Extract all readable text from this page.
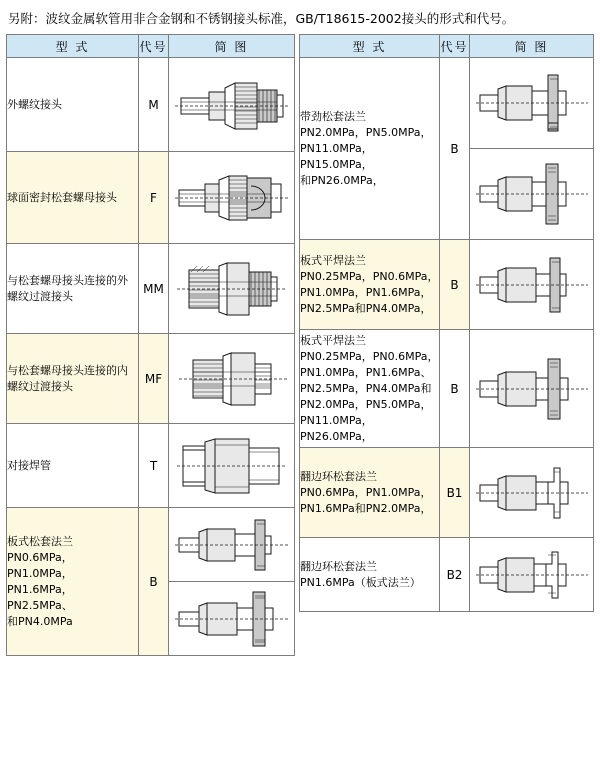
另附：波纹金属软管用非合金钢和不锈钢接头标准，GB/T18615-2002接头的形式和代号。
型 式	代号	简 图
外螺纹接头	M	

球面密封松套螺母接头	F	

与松套螺母接头连接的外螺纹过渡接头	MM	

与松套螺母接头连接的内螺纹过渡接头	MF	

对接焊管	T	

板式松套法兰
PN0.6MPa，PN1.0MPa，
PN1.6MPa，PN2.5MPa、
和PN4.0MPa	B	

型 式	代号	简 图
带劲松套法兰
PN2.0MPa，PN5.0MPa，
PN11.0MPa，PN15.0MPa，
和PN26.0MPa，	B	

板式平焊法兰
PN0.25MPa，PN0.6MPa，
PN1.0MPa，PN1.6MPa，
PN2.5MPa和PN4.0MPa，	B	

板式平焊法兰
PN0.25MPa，PN0.6MPa，
PN1.0MPa，PN1.6MPa、
PN2.5MPa，PN4.0MPa和
PN2.0MPa，PN5.0MPa，
PN11.0MPa，PN26.0MPa，	B	

翻边环松套法兰
PN0.6MPa，PN1.0MPa，
PN1.6MPa和PN2.0MPa，	B1	

翻边环松套法兰
PN1.6MPa（板式法兰）	B2	
